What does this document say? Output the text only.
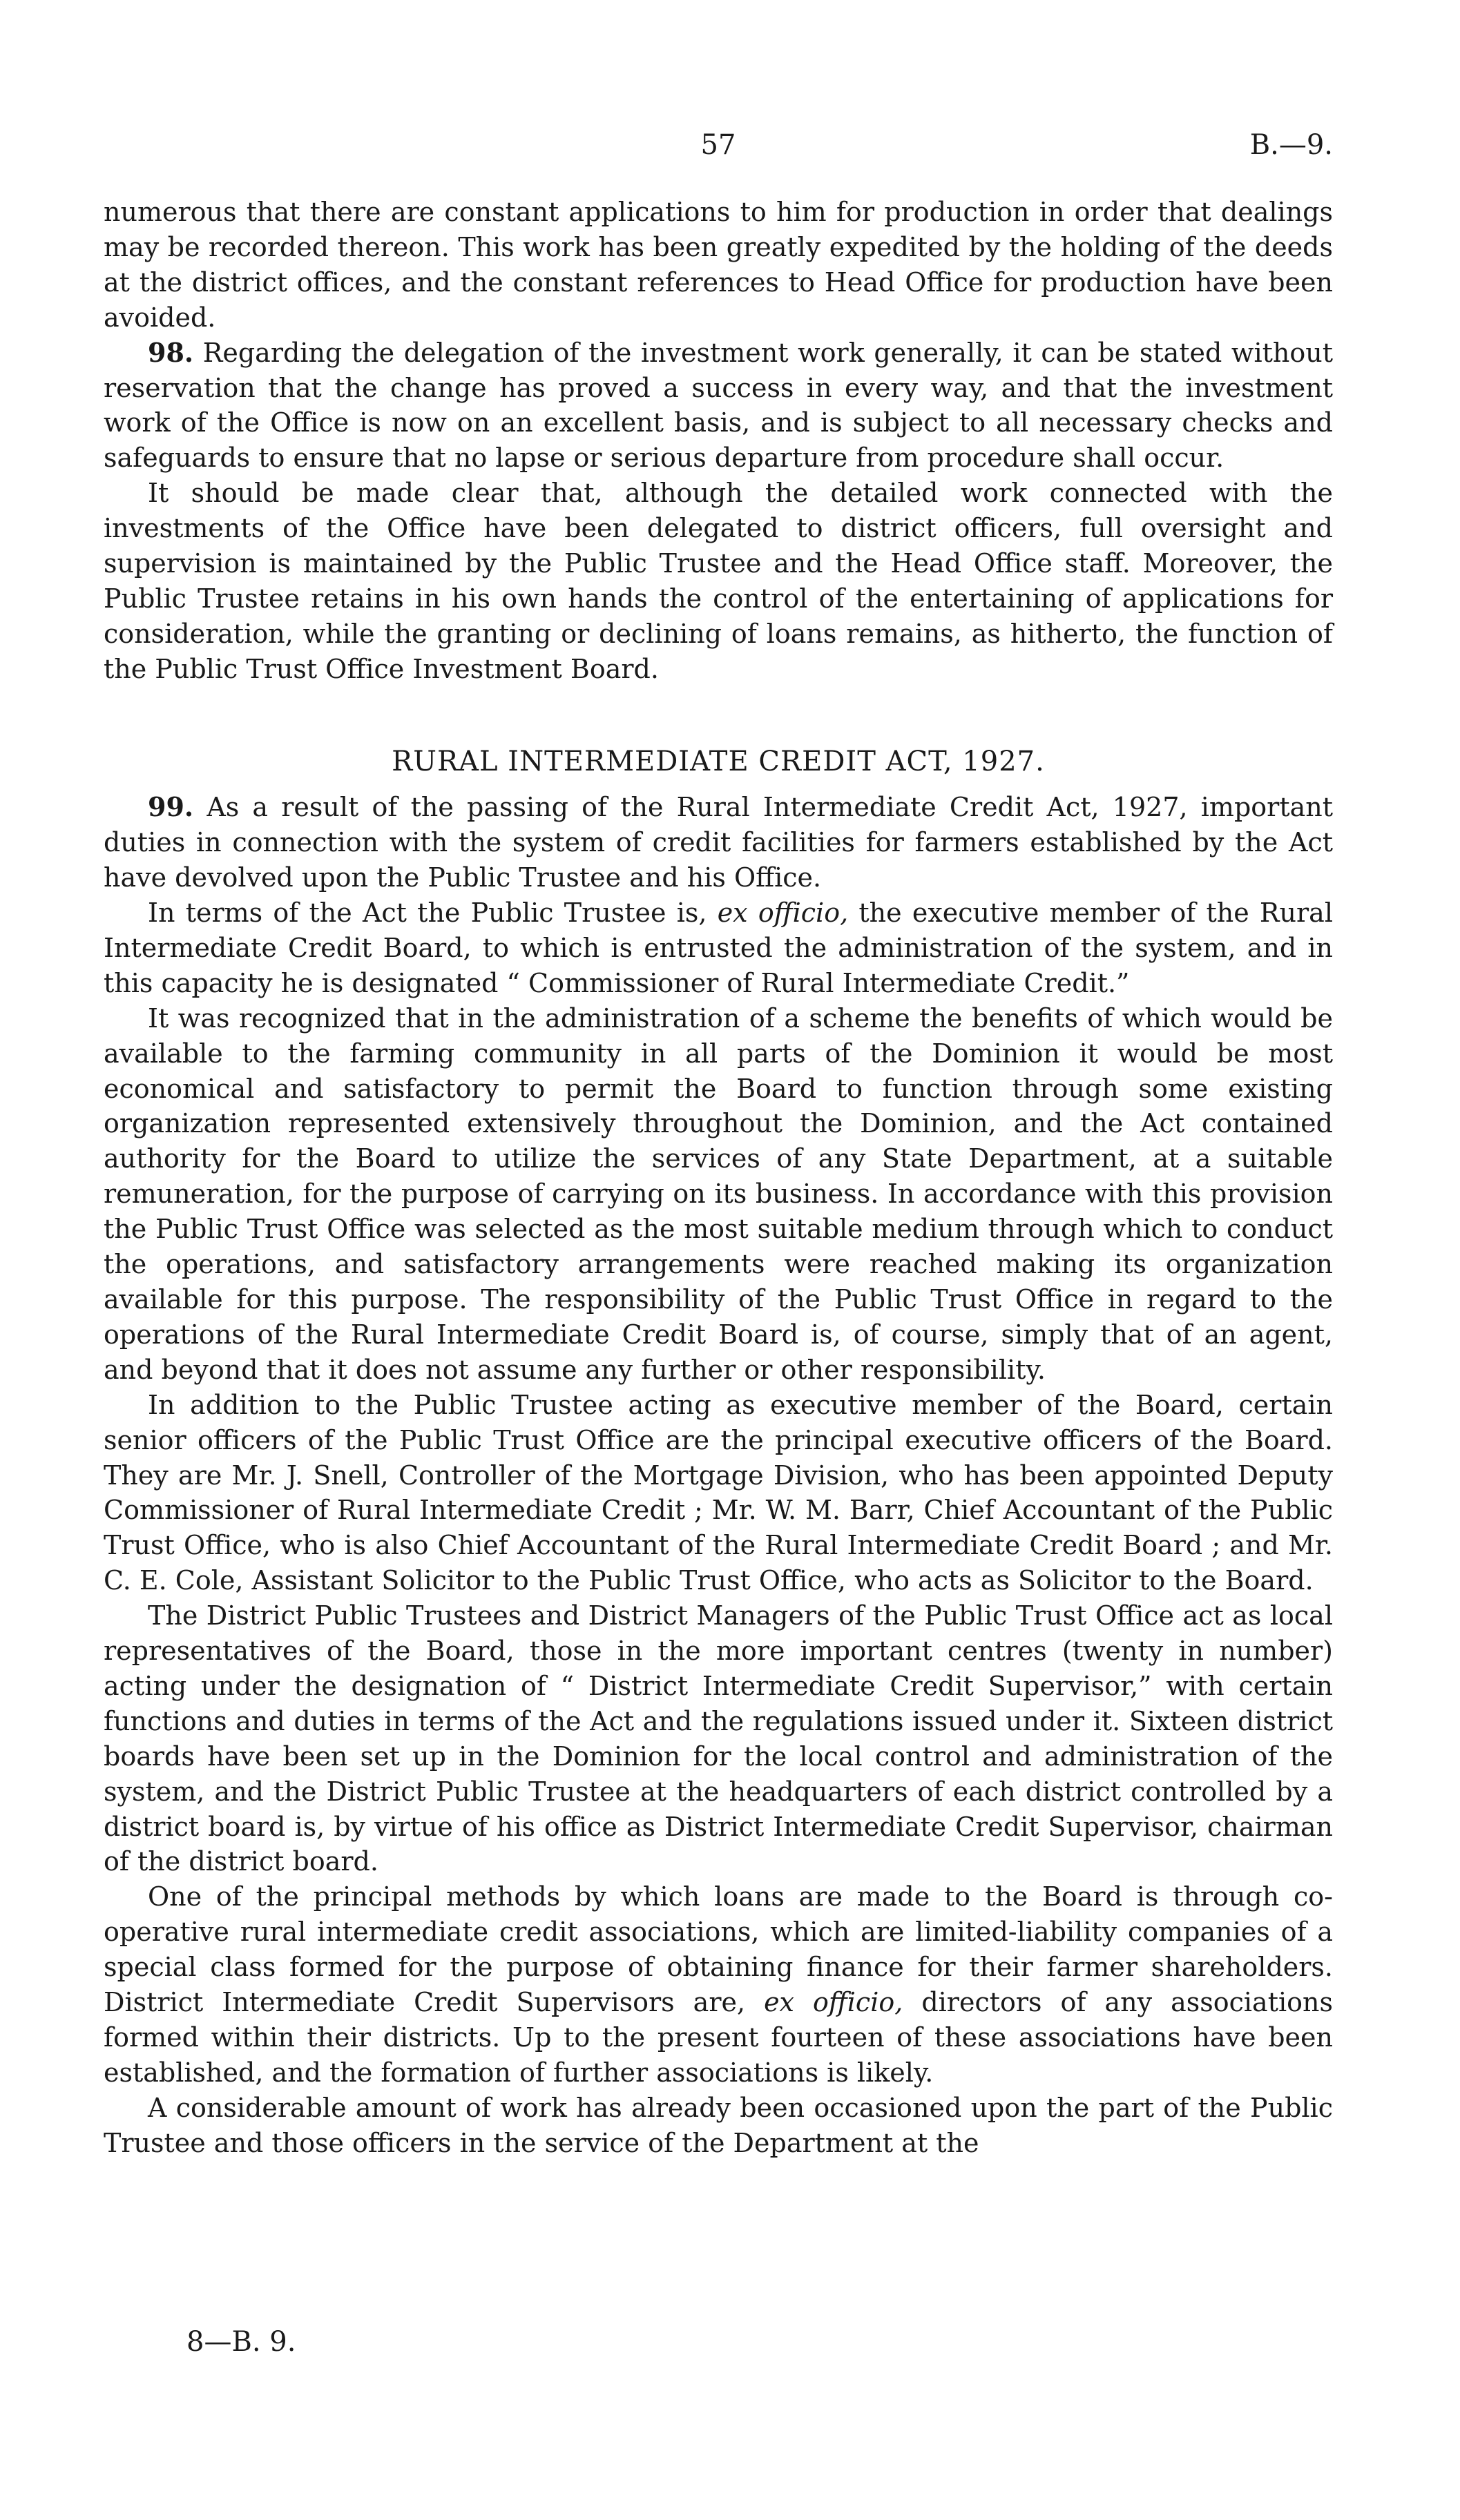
57	B.—9.

numerous that there are constant applications to him for production in order that dealings may be recorded thereon. This work has been greatly expedited by the holding of the deeds at the district offices, and the constant references to Head Office for production have been avoided.

98. Regarding the delegation of the investment work generally, it can be stated without reservation that the change has proved a success in every way, and that the investment work of the Office is now on an excellent basis, and is subject to all necessary checks and safeguards to ensure that no lapse or serious departure from procedure shall occur.

It should be made clear that, although the detailed work connected with the investments of the Office have been delegated to district officers, full oversight and supervision is maintained by the Public Trustee and the Head Office staff. Moreover, the Public Trustee retains in his own hands the control of the entertaining of applications for consideration, while the granting or declining of loans remains, as hitherto, the function of the Public Trust Office Investment Board.

RURAL INTERMEDIATE CREDIT ACT, 1927.

99. As a result of the passing of the Rural Intermediate Credit Act, 1927, important duties in connection with the system of credit facilities for farmers established by the Act have devolved upon the Public Trustee and his Office.

In terms of the Act the Public Trustee is, ex officio, the executive member of the Rural Intermediate Credit Board, to which is entrusted the administration of the system, and in this capacity he is designated “ Commissioner of Rural Intermediate Credit.”

It was recognized that in the administration of a scheme the benefits of which would be available to the farming community in all parts of the Dominion it would be most economical and satisfactory to permit the Board to function through some existing organization represented extensively throughout the Dominion, and the Act contained authority for the Board to utilize the services of any State Department, at a suitable remuneration, for the purpose of carrying on its business. In accordance with this provision the Public Trust Office was selected as the most suitable medium through which to conduct the operations, and satisfactory arrangements were reached making its organization available for this purpose. The responsibility of the Public Trust Office in regard to the operations of the Rural Intermediate Credit Board is, of course, simply that of an agent, and beyond that it does not assume any further or other responsibility.

In addition to the Public Trustee acting as executive member of the Board, certain senior officers of the Public Trust Office are the principal executive officers of the Board. They are Mr. J. Snell, Controller of the Mortgage Division, who has been appointed Deputy Commissioner of Rural Intermediate Credit ; Mr. W. M. Barr, Chief Accountant of the Public Trust Office, who is also Chief Accountant of the Rural Intermediate Credit Board ; and Mr. C. E. Cole, Assistant Solicitor to the Public Trust Office, who acts as Solicitor to the Board.

The District Public Trustees and District Managers of the Public Trust Office act as local representatives of the Board, those in the more important centres (twenty in number) acting under the designation of “ District Intermediate Credit Supervisor,” with certain functions and duties in terms of the Act and the regulations issued under it. Sixteen district boards have been set up in the Dominion for the local control and administration of the system, and the District Public Trustee at the headquarters of each district controlled by a district board is, by virtue of his office as District Intermediate Credit Supervisor, chairman of the district board.

One of the principal methods by which loans are made to the Board is through co-operative rural intermediate credit associations, which are limited-liability companies of a special class formed for the purpose of obtaining finance for their farmer shareholders. District Intermediate Credit Supervisors are, ex officio, directors of any associations formed within their districts. Up to the present fourteen of these associations have been established, and the formation of further associations is likely.

A considerable amount of work has already been occasioned upon the part of the Public Trustee and those officers in the service of the Department at the

8—B. 9.
